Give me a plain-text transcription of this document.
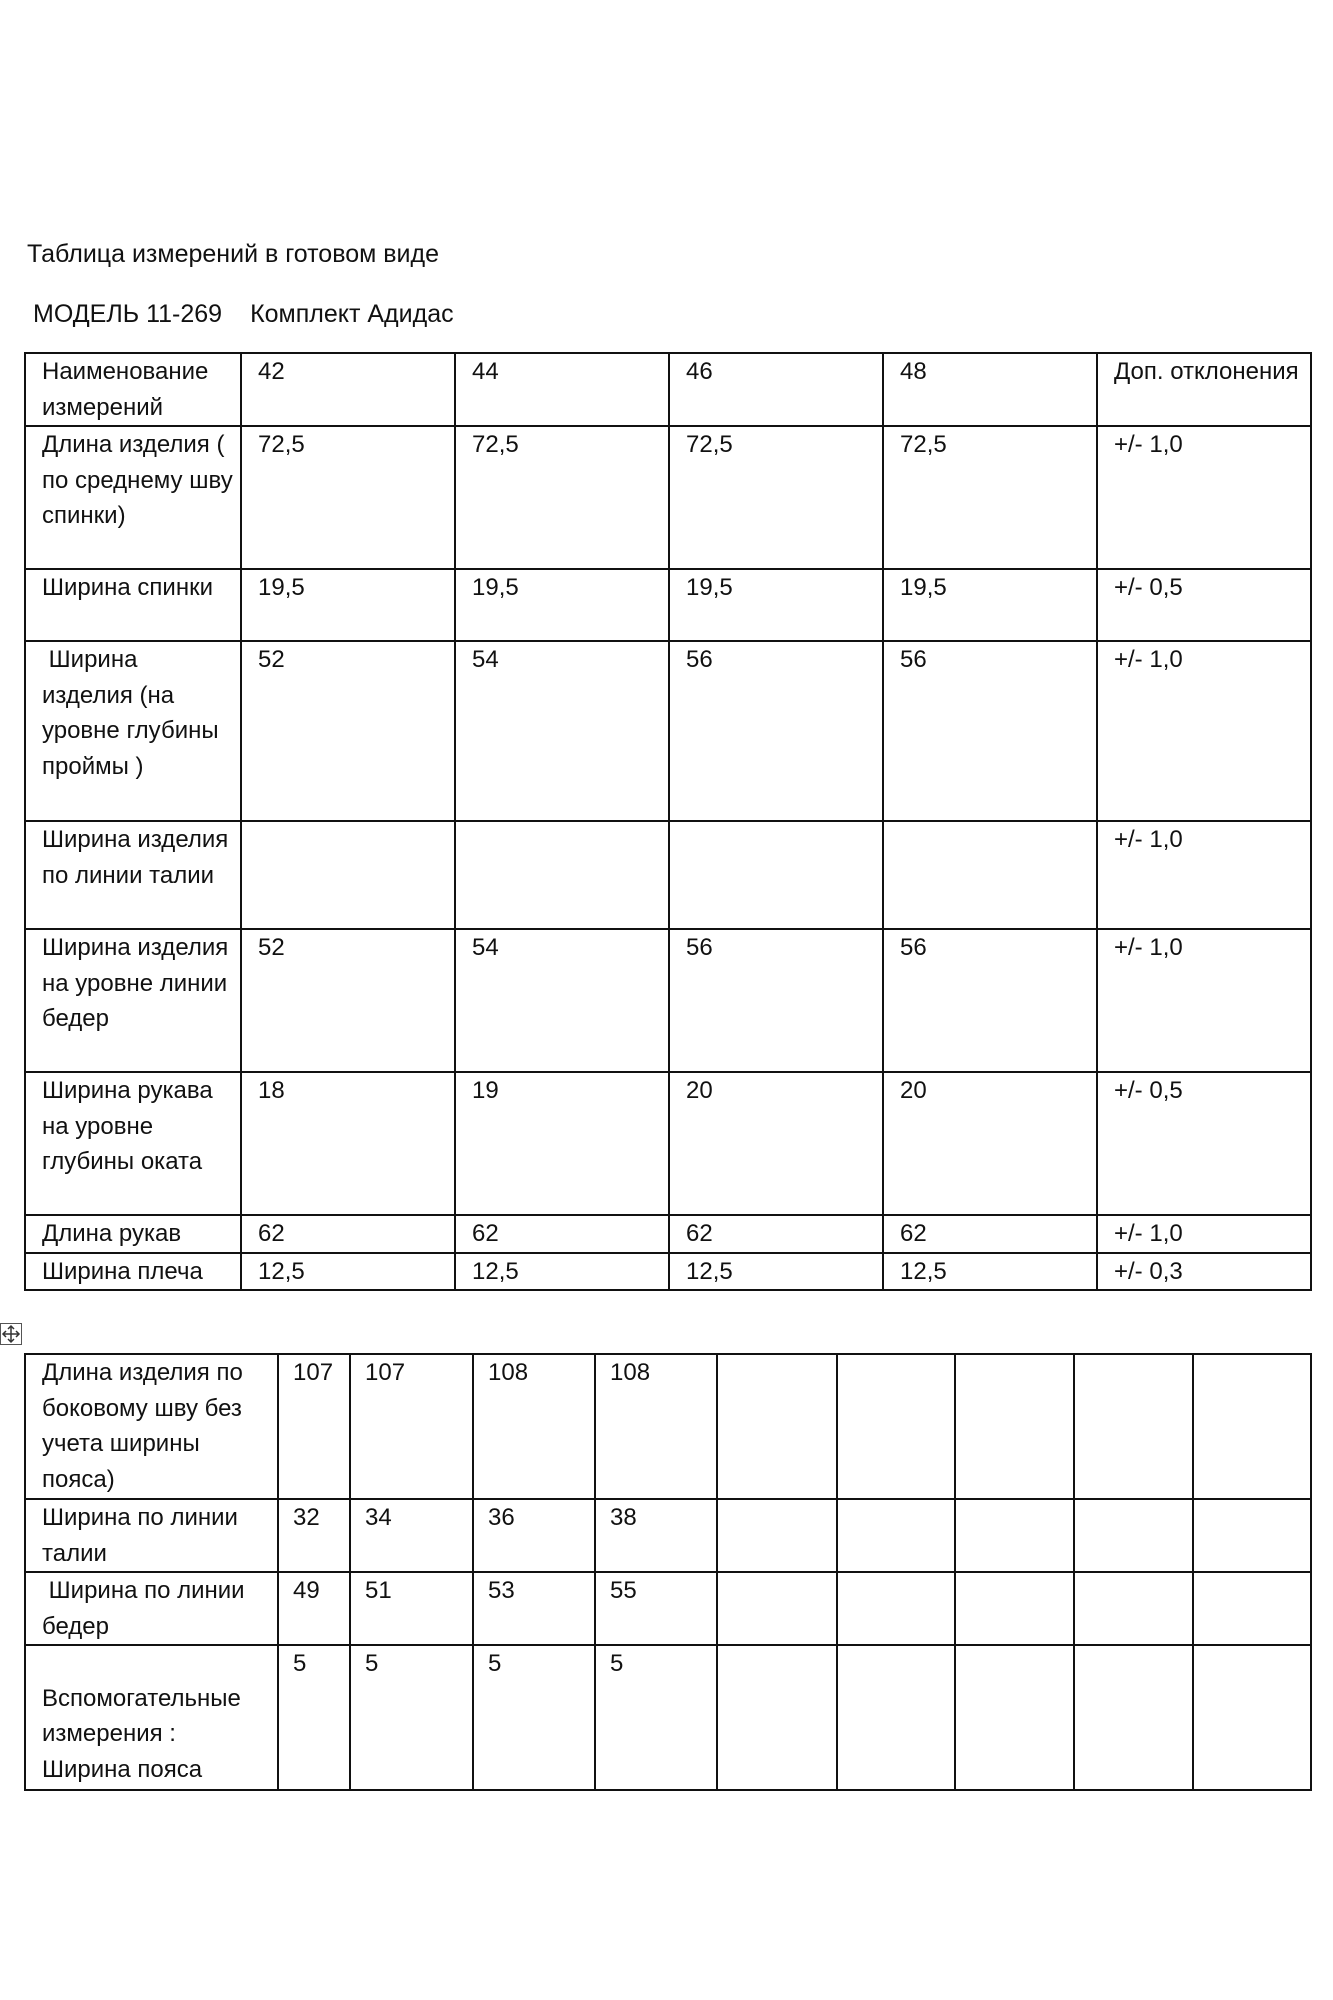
Таблица измерений в готовом виде
МОДЕЛЬ 11-269 Комплект Адидас
Наименование измерений	42	44	46	48	Доп. отклонения
Длина изделия ( по среднему шву спинки)	72,5	72,5	72,5	72,5	+/- 1,0
Ширина спинки	19,5	19,5	19,5	19,5	+/- 0,5
Ширина изделия (на уровне глубины проймы )	52	54	56	56	+/- 1,0
Ширина изделия по линии талии					+/- 1,0
Ширина изделия на уровне линии бедер	52	54	56	56	+/- 1,0
Ширина рукава на уровне глубины оката	18	19	20	20	+/- 0,5
Длина рукав	62	62	62	62	+/- 1,0
Ширина плеча	12,5	12,5	12,5	12,5	+/- 0,3
Длина изделия по боковому шву без учета ширины пояса)	107	107	108	108					
Ширина по линии талии	32	34	36	38					
Ширина по линии бедер	49	51	53	55					
Вспомогательные измерения : Ширина пояса	5	5	5	5					
